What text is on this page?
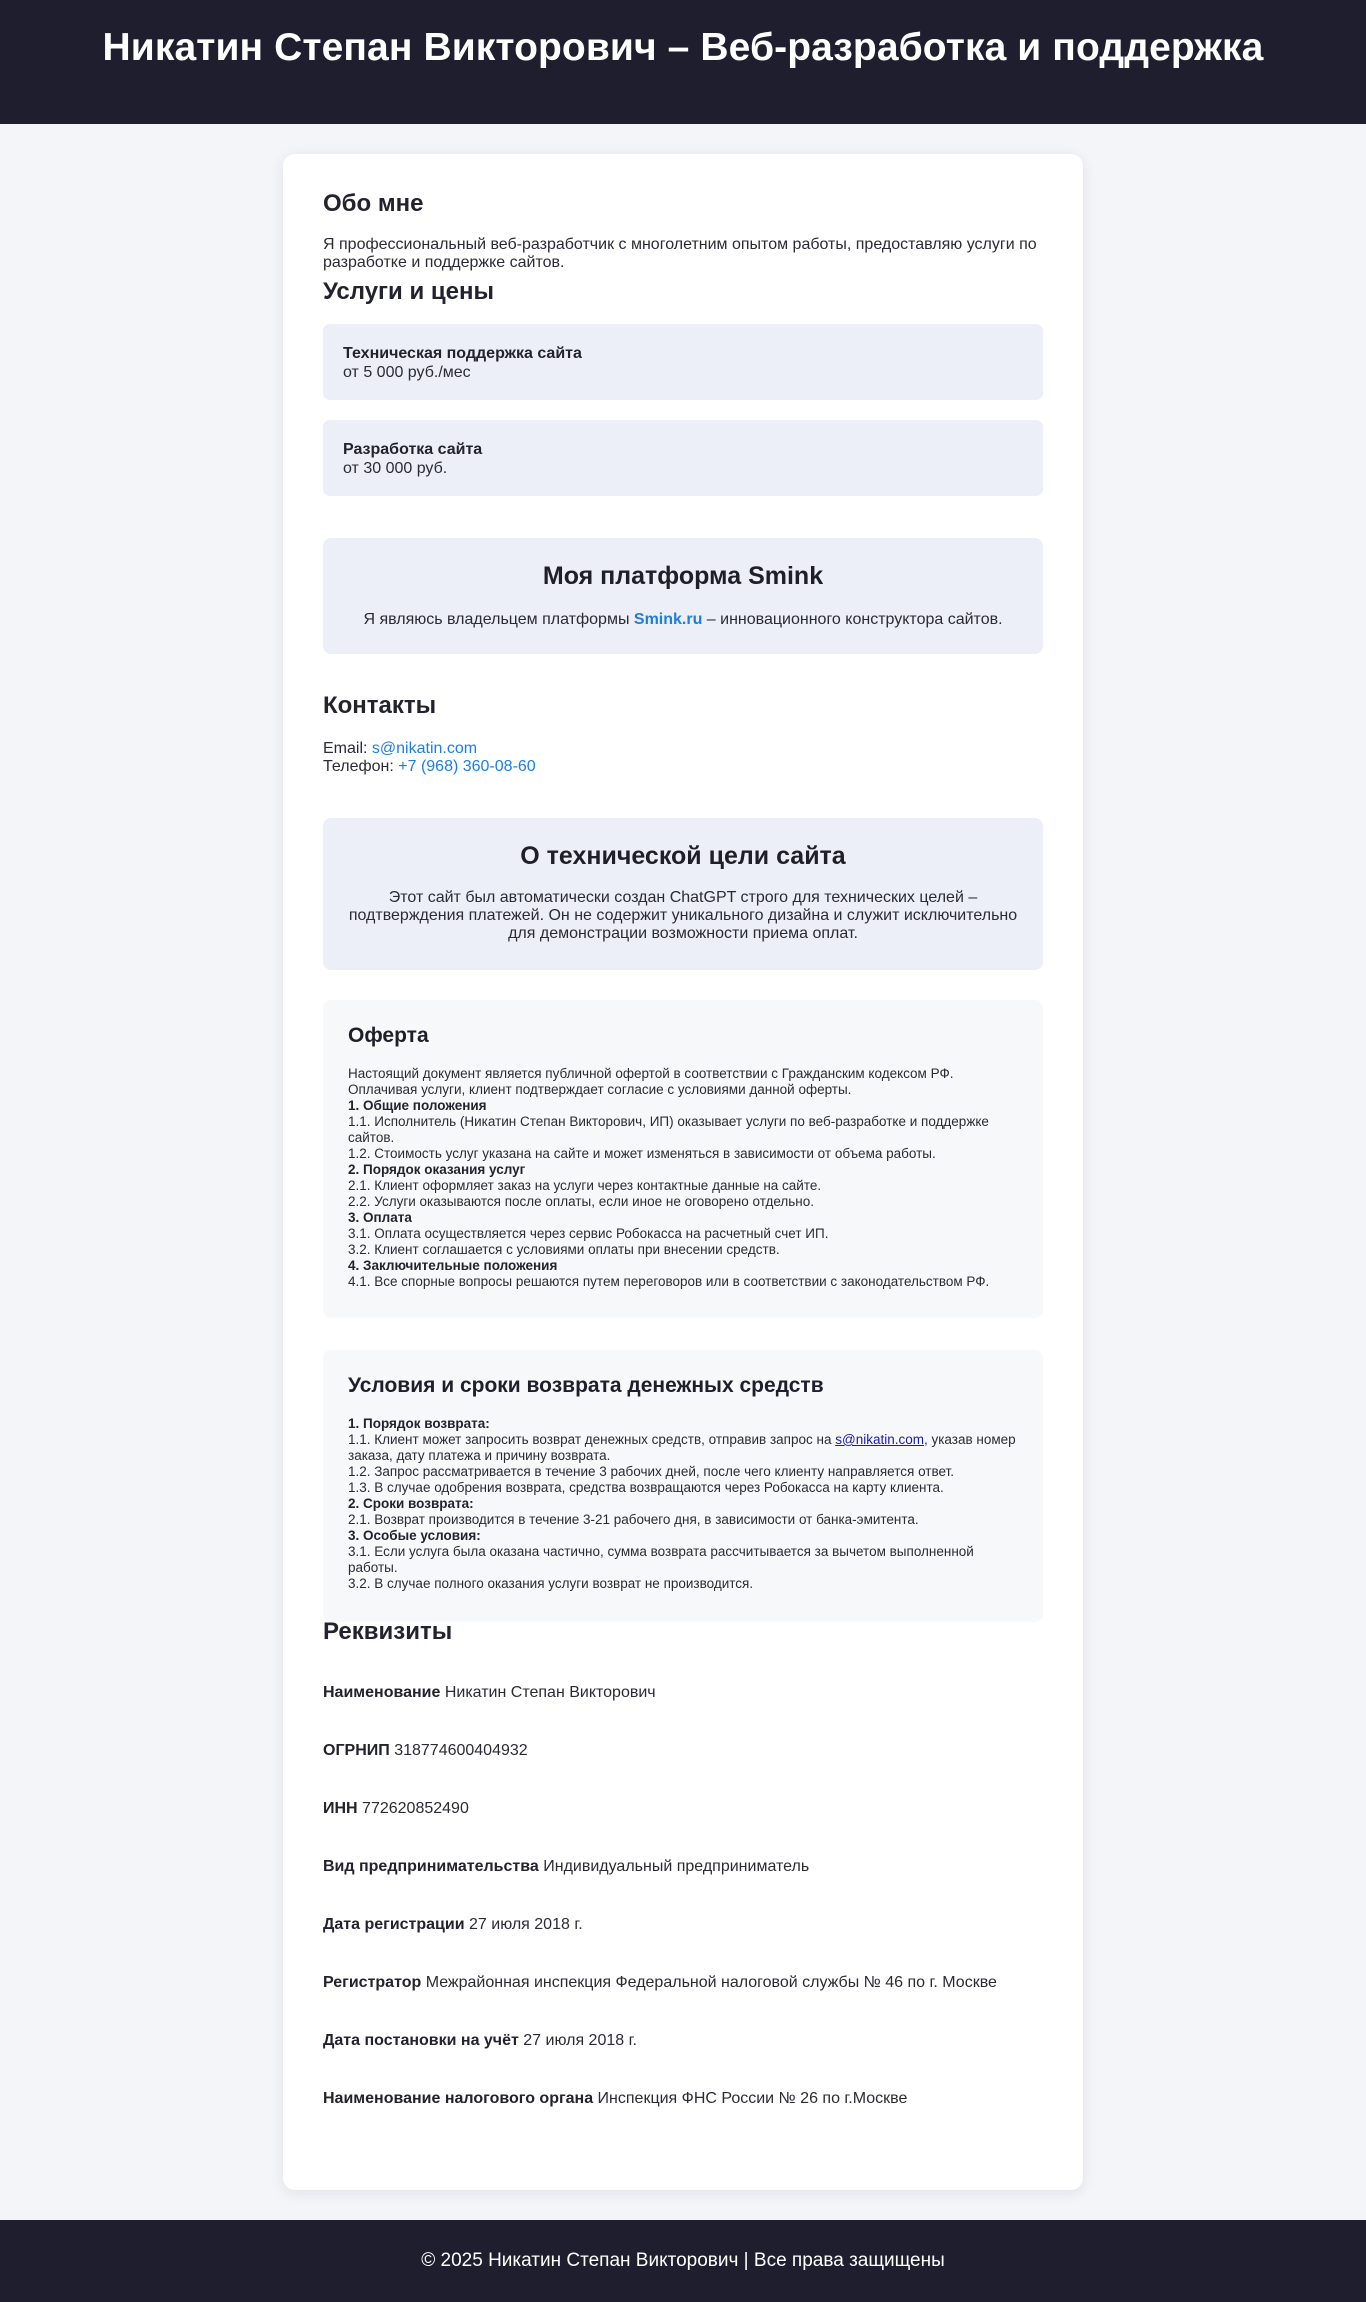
Никатин Степан Викторович – Веб-разработка и поддержка
Обо мне

Я профессиональный веб-разработчик с многолетним опытом работы, предоставляю услуги по разработке и поддержке сайтов.

Услуги и цены
Техническая поддержка сайта
от 5 000 руб./мес
Разработка сайта
от 30 000 руб.
Моя платформа Smink

Я являюсь владельцем платформы Smink.ru – инновационного конструктора сайтов.

Контакты

Email: s@nikatin.com

Телефон: +7 (968) 360-08-60

О технической цели сайта

Этот сайт был автоматически создан ChatGPT строго для технических целей – подтверждения платежей. Он не содержит уникального дизайна и служит исключительно для демонстрации возможности приема оплат.

Оферта
Настоящий документ является публичной офертой в соответствии с Гражданским кодексом РФ. Оплачивая услуги, клиент подтверждает согласие с условиями данной оферты.
1. Общие положения

1.1. Исполнитель (Никатин Степан Викторович, ИП) оказывает услуги по веб-разработке и поддержке сайтов.
1.2. Стоимость услуг указана на сайте и может изменяться в зависимости от объема работы.
2. Порядок оказания услуг

2.1. Клиент оформляет заказ на услуги через контактные данные на сайте.
2.2. Услуги оказываются после оплаты, если иное не оговорено отдельно.
3. Оплата

3.1. Оплата осуществляется через сервис Робокасса на расчетный счет ИП.
3.2. Клиент соглашается с условиями оплаты при внесении средств.
4. Заключительные положения

4.1. Все спорные вопросы решаются путем переговоров или в соответствии с законодательством РФ.
Условия и сроки возврата денежных средств
1. Порядок возврата:

1.1. Клиент может запросить возврат денежных средств, отправив запрос на s@nikatin.com, указав номер заказа, дату платежа и причину возврата.
1.2. Запрос рассматривается в течение 3 рабочих дней, после чего клиенту направляется ответ.
1.3. В случае одобрения возврата, средства возвращаются через Робокасса на карту клиента.
2. Сроки возврата:

2.1. Возврат производится в течение 3-21 рабочего дня, в зависимости от банка-эмитента.
3. Особые условия:

3.1. Если услуга была оказана частично, сумма возврата рассчитывается за вычетом выполненной работы.
3.2. В случае полного оказания услуги возврат не производится.
Реквизиты
Наименование Никатин Степан Викторович
ОГРНИП 318774600404932
ИНН 772620852490
Вид предпринимательства Индивидуальный предприниматель
Дата регистрации 27 июля 2018 г.
Регистратор Межрайонная инспекция Федеральной налоговой службы № 46 по г. Москве
Дата постановки на учёт 27 июля 2018 г.
Наименование налогового органа Инспекция ФНС России № 26 по г.Москве
© 2025 Никатин Степан Викторович | Все права защищены
